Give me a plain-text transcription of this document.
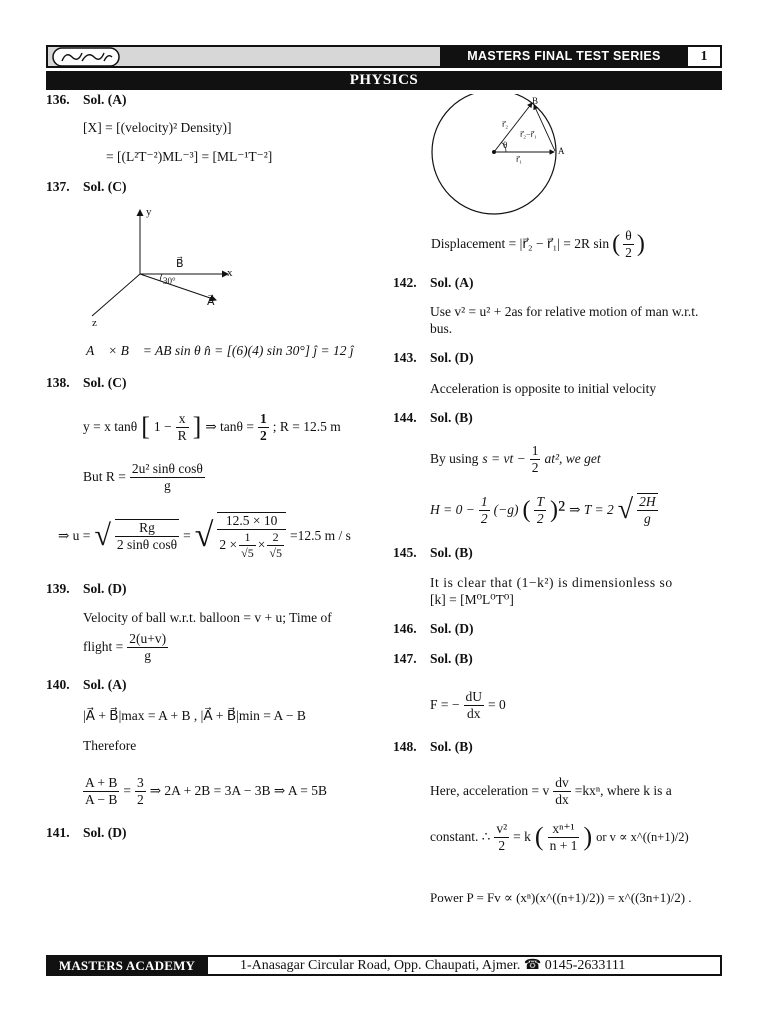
MASTERS FINAL TEST SERIES	1
PHYSICS
136. Sol. (A)
[X] = [(velocity)² Density)]
= [(L²T⁻²)ML⁻³] = [ML⁻¹T⁻²]
137. Sol. (C)
y
x
z
B⃗
A⃗
30°
A⃗ × B⃗ = AB sin θ n̂ = [(6)(4) sin 30°] ĵ = 12 ĵ
138. Sol. (C)
y = x tanθ [ $1 - \frac{x}{R}$ ] ⇒ $\tan\theta = \frac{1}{2}$ ; R = 12.5 m
But $R = \frac{\text{2u² sinθ cosθ}}{g}$
⇒ u = √ $\frac{Rg}{\text{2 sinθ cosθ}}$ = √ $\frac{12.5 \times 10}{2 \times \frac{1}{√5} \times \frac{2}{√5}} =12.5$ m / s
139. Sol. (D)
Velocity of ball w.r.t. balloon = v + u; Time of
flight = $\frac{2(u+v)}{g}$
140. Sol. (A)
|A⃗ + B⃗|max = A + B , |A⃗ + B⃗|min = A − B
Therefore
$\frac{A + B}{A - B} = \frac{3}{2}$ ⇒ 2A + 2B = 3A − 3B ⇒ A = 5B
141. Sol. (D)
B
A
r⃗₂
r⃗₂−r⃗₁
r⃗₁
θ
Displacement = |r⃗₂ − r⃗₁| = 2R sin ( $\frac{\theta}{2}$ )
142. Sol. (A)
Use v² = u² + 2as for relative motion of man w.r.t.
bus.
143. Sol. (D)
Acceleration is opposite to initial velocity
144. Sol. (B)
By using s = vt − $\frac{1}{2} at^2$, we get
$H = 0 - \frac{1}{2} (-g)$ ( $\frac{T}{2} )^2$ ⇒ T = 2 √ $\frac{2H}{g}$
145. Sol. (B)
It is clear that (1−k²) is dimensionless so
[k] = [M⁰L⁰T⁰]
146. Sol. (D)
147. Sol. (B)
F = − $\frac{dU}{dx} = 0$
148. Sol. (B)
Here, acceleration = v $\frac{dv}{dx} =kx^n$, where k is a
constant. ∴ $\frac{\text{v²}}{2} = k$ ( $\frac{\text{xⁿ⁺¹}}{n + 1}$ ) or v ∝ x^((n+1)/2)
Power P = Fv ∝ (xⁿ)(x^((n+1)/2)) = x^((3n+1)/2) .
MASTERS ACADEMY	1-Anasagar Circular Road, Opp. Chaupati, Ajmer. ☎ 0145-2633111
